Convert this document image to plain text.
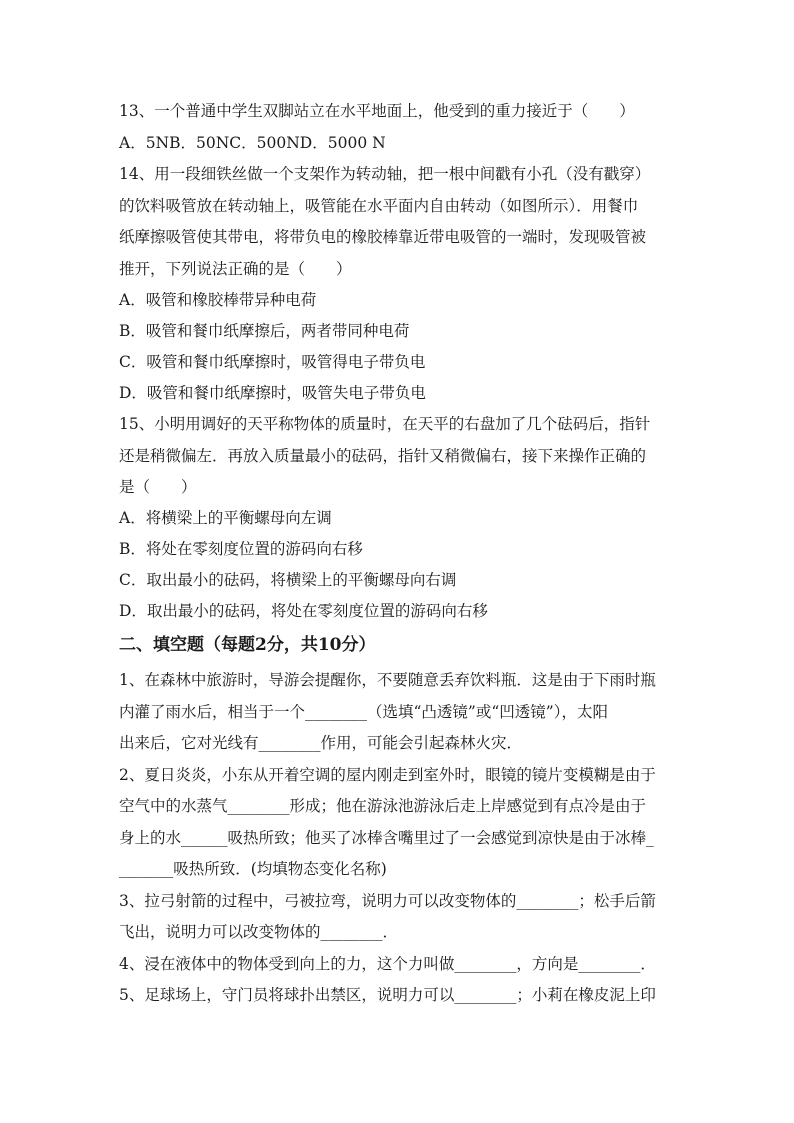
13、一个普通中学生双脚站立在水平地面上，他受到的重力接近于（　　）

A．5NB．50NC．500ND．5000 N

14、用一段细铁丝做一个支架作为转动轴，把一根中间戳有小孔（没有戳穿）

的饮料吸管放在转动轴上，吸管能在水平面内自由转动（如图所示）．用餐巾

纸摩擦吸管使其带电，将带负电的橡胶棒靠近带电吸管的一端时，发现吸管被

推开，下列说法正确的是（　　）

A．吸管和橡胶棒带异种电荷

B．吸管和餐巾纸摩擦后，两者带同种电荷

C．吸管和餐巾纸摩擦时，吸管得电子带负电

D．吸管和餐巾纸摩擦时，吸管失电子带负电

15、小明用调好的天平称物体的质量时，在天平的右盘加了几个砝码后，指针

还是稍微偏左．再放入质量最小的砝码，指针又稍微偏右，接下来操作正确的

是（　　）

A．将横梁上的平衡螺母向左调

B．将处在零刻度位置的游码向右移

C．取出最小的砝码，将横梁上的平衡螺母向右调

D．取出最小的砝码，将处在零刻度位置的游码向右移

二、填空题（每题2分，共10分）

1、在森林中旅游时，导游会提醒你，不要随意丢弃饮料瓶．这是由于下雨时瓶

内灌了雨水后，相当于一个________（选填“凸透镜”或“凹透镜”），太阳

出来后，它对光线有________作用，可能会引起森林火灾．

2、夏日炎炎，小东从开着空调的屋内刚走到室外时，眼镜的镜片变模糊是由于

空气中的水蒸气________形成；他在游泳池游泳后走上岸感觉到有点冷是由于

身上的水______吸热所致；他买了冰棒含嘴里过了一会感觉到凉快是由于冰棒_

_______吸热所致．(均填物态变化名称)

3、拉弓射箭的过程中，弓被拉弯，说明力可以改变物体的________；松手后箭

飞出，说明力可以改变物体的________．

4、浸在液体中的物体受到向上的力，这个力叫做________，方向是________．

5、足球场上，守门员将球扑出禁区，说明力可以________；小莉在橡皮泥上印
